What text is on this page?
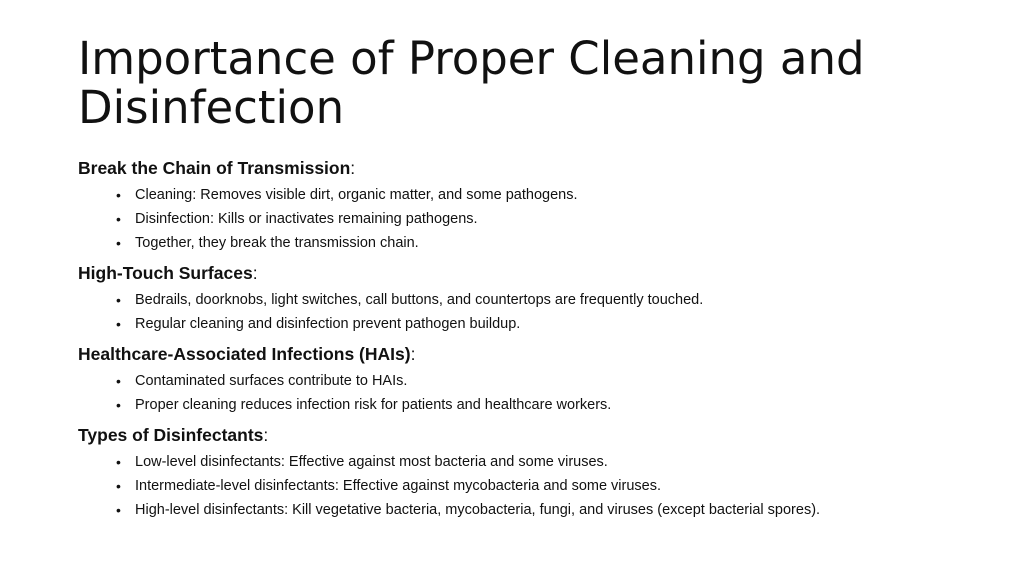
Importance of Proper Cleaning and Disinfection

Break the Chain of Transmission:

• Cleaning: Removes visible dirt, organic matter, and some pathogens.
• Disinfection: Kills or inactivates remaining pathogens.
• Together, they break the transmission chain.

High-Touch Surfaces:

• Bedrails, doorknobs, light switches, call buttons, and countertops are frequently touched.
• Regular cleaning and disinfection prevent pathogen buildup.

Healthcare-Associated Infections (HAIs):

• Contaminated surfaces contribute to HAIs.
• Proper cleaning reduces infection risk for patients and healthcare workers.

Types of Disinfectants:

• Low-level disinfectants: Effective against most bacteria and some viruses.
• Intermediate-level disinfectants: Effective against mycobacteria and some viruses.
• High-level disinfectants: Kill vegetative bacteria, mycobacteria, fungi, and viruses (except bacterial spores).
